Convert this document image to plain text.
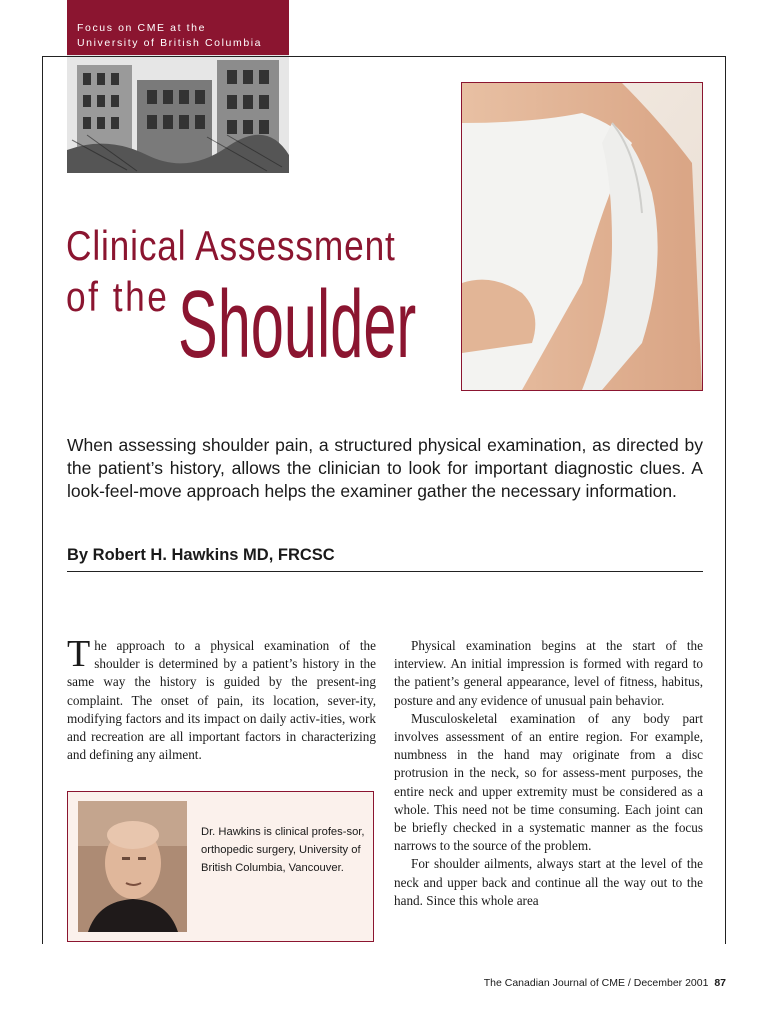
Focus on CME at the
University of British Columbia
Clinical Assessment
of the Shoulder
When assessing shoulder pain, a structured physical examination, as directed by the patient’s history, allows the clinician to look for important diagnostic clues. A look-feel-move approach helps the examiner gather the necessary information.
By Robert H. Hawkins MD, FRCSC

The approach to a physical examination of the shoulder is determined by a patient’s history in the same way the history is guided by the present-ing complaint. The onset of pain, its location, sever-ity, modifying factors and its impact on daily activ-ities, work and recreation are all important factors in characterizing and defining any ailment.

Dr. Hawkins is clinical profes-sor, orthopedic surgery, University of British Columbia, Vancouver.

Physical examination begins at the start of the interview. An initial impression is formed with regard to the patient’s general appearance, level of fitness, habitus, posture and any evidence of unusual pain behavior.

Musculoskeletal examination of any body part involves assessment of an entire region. For example, numbness in the hand may originate from a disc protrusion in the neck, so for assess-ment purposes, the entire neck and upper extremity must be considered as a whole. This need not be time consuming. Each joint can be briefly checked in a systematic manner as the focus narrows to the source of the problem.

For shoulder ailments, always start at the level of the neck and upper back and continue all the way out to the hand. Since this whole area

The Canadian Journal of CME / December 2001 87
